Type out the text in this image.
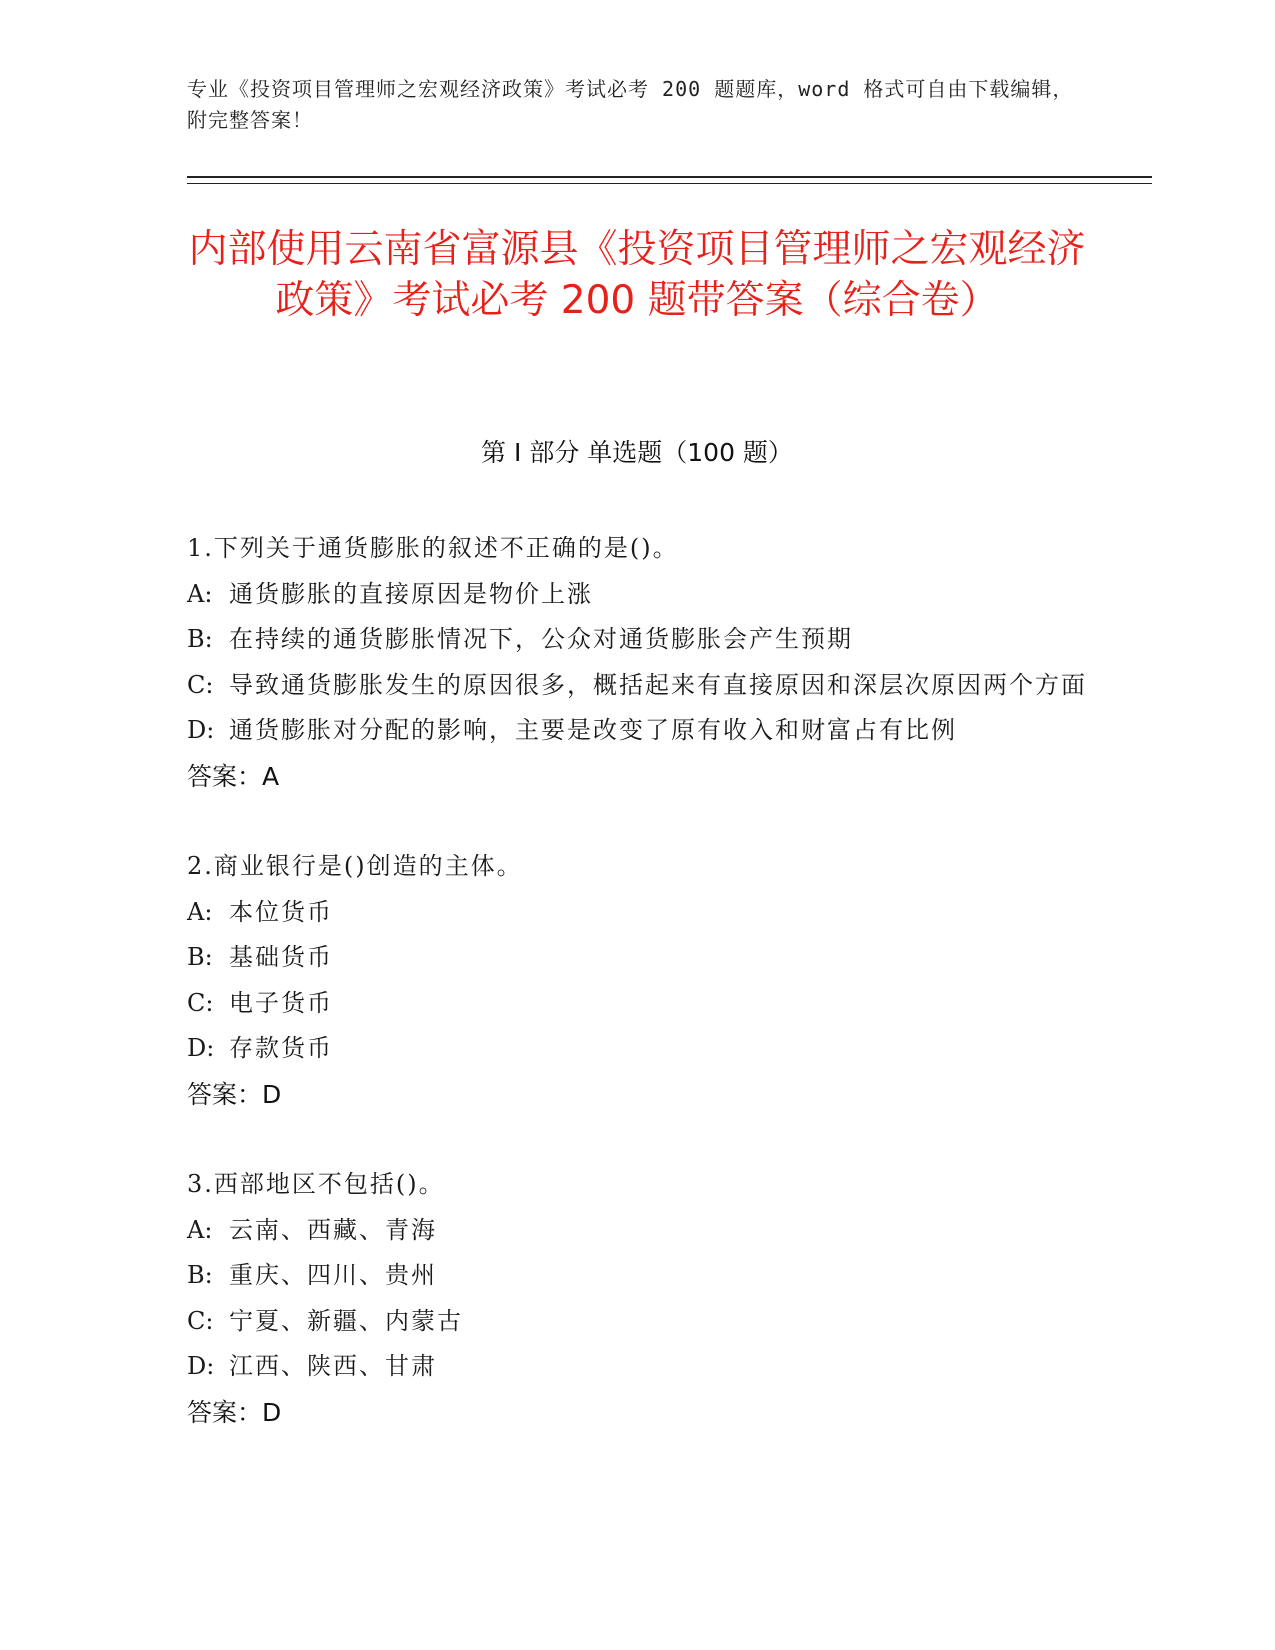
专业《投资项目管理师之宏观经济政策》考试必考 200 题题库，word 格式可自由下载编辑，附完整答案！
内部使用云南省富源县《投资项目管理师之宏观经济政策》考试必考 200 题带答案（综合卷）
第 I 部分 单选题（100 题）

1.下列关于通货膨胀的叙述不正确的是()。

A: 通货膨胀的直接原因是物价上涨

B: 在持续的通货膨胀情况下，公众对通货膨胀会产生预期

C: 导致通货膨胀发生的原因很多，概括起来有直接原因和深层次原因两个方面

D: 通货膨胀对分配的影响，主要是改变了原有收入和财富占有比例

答案：A

2.商业银行是()创造的主体。

A: 本位货币

B: 基础货币

C: 电子货币

D: 存款货币

答案：D

3.西部地区不包括()。

A: 云南、西藏、青海

B: 重庆、四川、贵州

C: 宁夏、新疆、内蒙古

D: 江西、陕西、甘肃

答案：D
